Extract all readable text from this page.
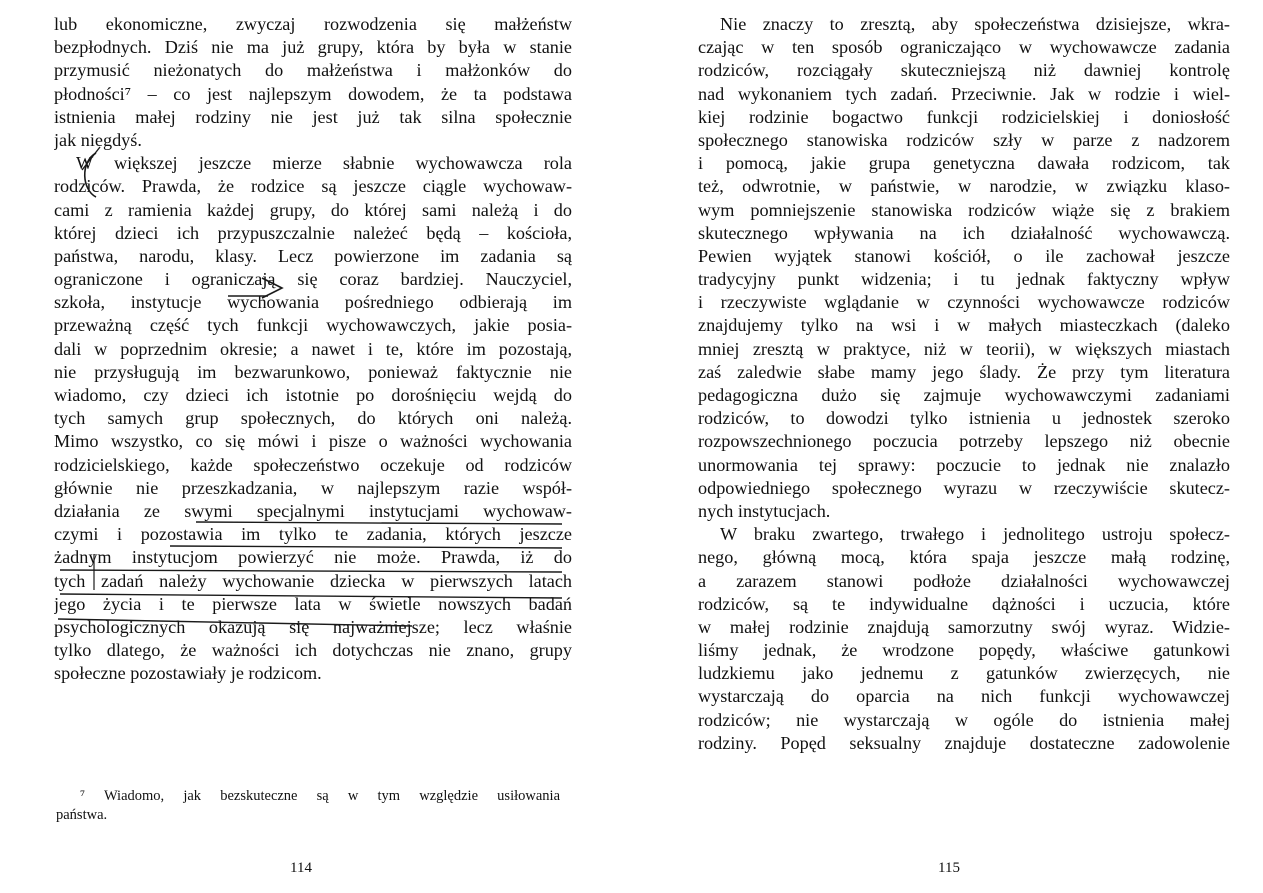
lub ekonomiczne, zwyczaj rozwodzenia się małżeństw
bezpłodnych. Dziś nie ma już grupy, która by była w stanie
przymusić nieżonatych do małżeństwa i małżonków do
płodności⁷ – co jest najlepszym dowodem, że ta podstawa
istnienia małej rodziny nie jest już tak silna społecznie
jak niegdyś.
W większej jeszcze mierze słabnie wychowawcza rola
rodziców. Prawda, że rodzice są jeszcze ciągle wychowaw-
cami z ramienia każdej grupy, do której sami należą i do
której dzieci ich przypuszczalnie należeć będą – kościoła,
państwa, narodu, klasy. Lecz powierzone im zadania są
ograniczone i ograniczają się coraz bardziej. Nauczyciel,
szkoła, instytucje wychowania pośredniego odbierają im
przeważną część tych funkcji wychowawczych, jakie posia-
dali w poprzednim okresie; a nawet i te, które im pozostają,
nie przysługują im bezwarunkowo, ponieważ faktycznie nie
wiadomo, czy dzieci ich istotnie po dorośnięciu wejdą do
tych samych grup społecznych, do których oni należą.
Mimo wszystko, co się mówi i pisze o ważności wychowania
rodzicielskiego, każde społeczeństwo oczekuje od rodziców
głównie nie przeszkadzania, w najlepszym razie współ-
działania ze swymi specjalnymi instytucjami wychowaw-
czymi i pozostawia im tylko te zadania, których jeszcze
żadnym instytucjom powierzyć nie może. Prawda, iż do
tych zadań należy wychowanie dziecka w pierwszych latach
jego życia i te pierwsze lata w świetle nowszych badań
psychologicznych okazują się najważniejsze; lecz właśnie
tylko dlatego, że ważności ich dotychczas nie znano, grupy
społeczne pozostawiały je rodzicom.
⁷ Wiadomo, jak bezskuteczne są w tym względzie usiłowania
państwa.
114
Nie znaczy to zresztą, aby społeczeństwa dzisiejsze, wkra-
czając w ten sposób ograniczająco w wychowawcze zadania
rodziców, rozciągały skuteczniejszą niż dawniej kontrolę
nad wykonaniem tych zadań. Przeciwnie. Jak w rodzie i wiel-
kiej rodzinie bogactwo funkcji rodzicielskiej i doniosłość
społecznego stanowiska rodziców szły w parze z nadzorem
i pomocą, jakie grupa genetyczna dawała rodzicom, tak
też, odwrotnie, w państwie, w narodzie, w związku klaso-
wym pomniejszenie stanowiska rodziców wiąże się z brakiem
skutecznego wpływania na ich działalność wychowawczą.
Pewien wyjątek stanowi kościół, o ile zachował jeszcze
tradycyjny punkt widzenia; i tu jednak faktyczny wpływ
i rzeczywiste wglądanie w czynności wychowawcze rodziców
znajdujemy tylko na wsi i w małych miasteczkach (daleko
mniej zresztą w praktyce, niż w teorii), w większych miastach
zaś zaledwie słabe mamy jego ślady. Że przy tym literatura
pedagogiczna dużo się zajmuje wychowawczymi zadaniami
rodziców, to dowodzi tylko istnienia u jednostek szeroko
rozpowszechnionego poczucia potrzeby lepszego niż obecnie
unormowania tej sprawy: poczucie to jednak nie znalazło
odpowiedniego społecznego wyrazu w rzeczywiście skutecz-
nych instytucjach.
W braku zwartego, trwałego i jednolitego ustroju społecz-
nego, główną mocą, która spaja jeszcze małą rodzinę,
a zarazem stanowi podłoże działalności wychowawczej
rodziców, są te indywidualne dążności i uczucia, które
w małej rodzinie znajdują samorzutny swój wyraz. Widzie-
liśmy jednak, że wrodzone popędy, właściwe gatunkowi
ludzkiemu jako jednemu z gatunków zwierzęcych, nie
wystarczają do oparcia na nich funkcji wychowawczej
rodziców; nie wystarczają w ogóle do istnienia małej
rodziny. Popęd seksualny znajduje dostateczne zadowolenie
115
